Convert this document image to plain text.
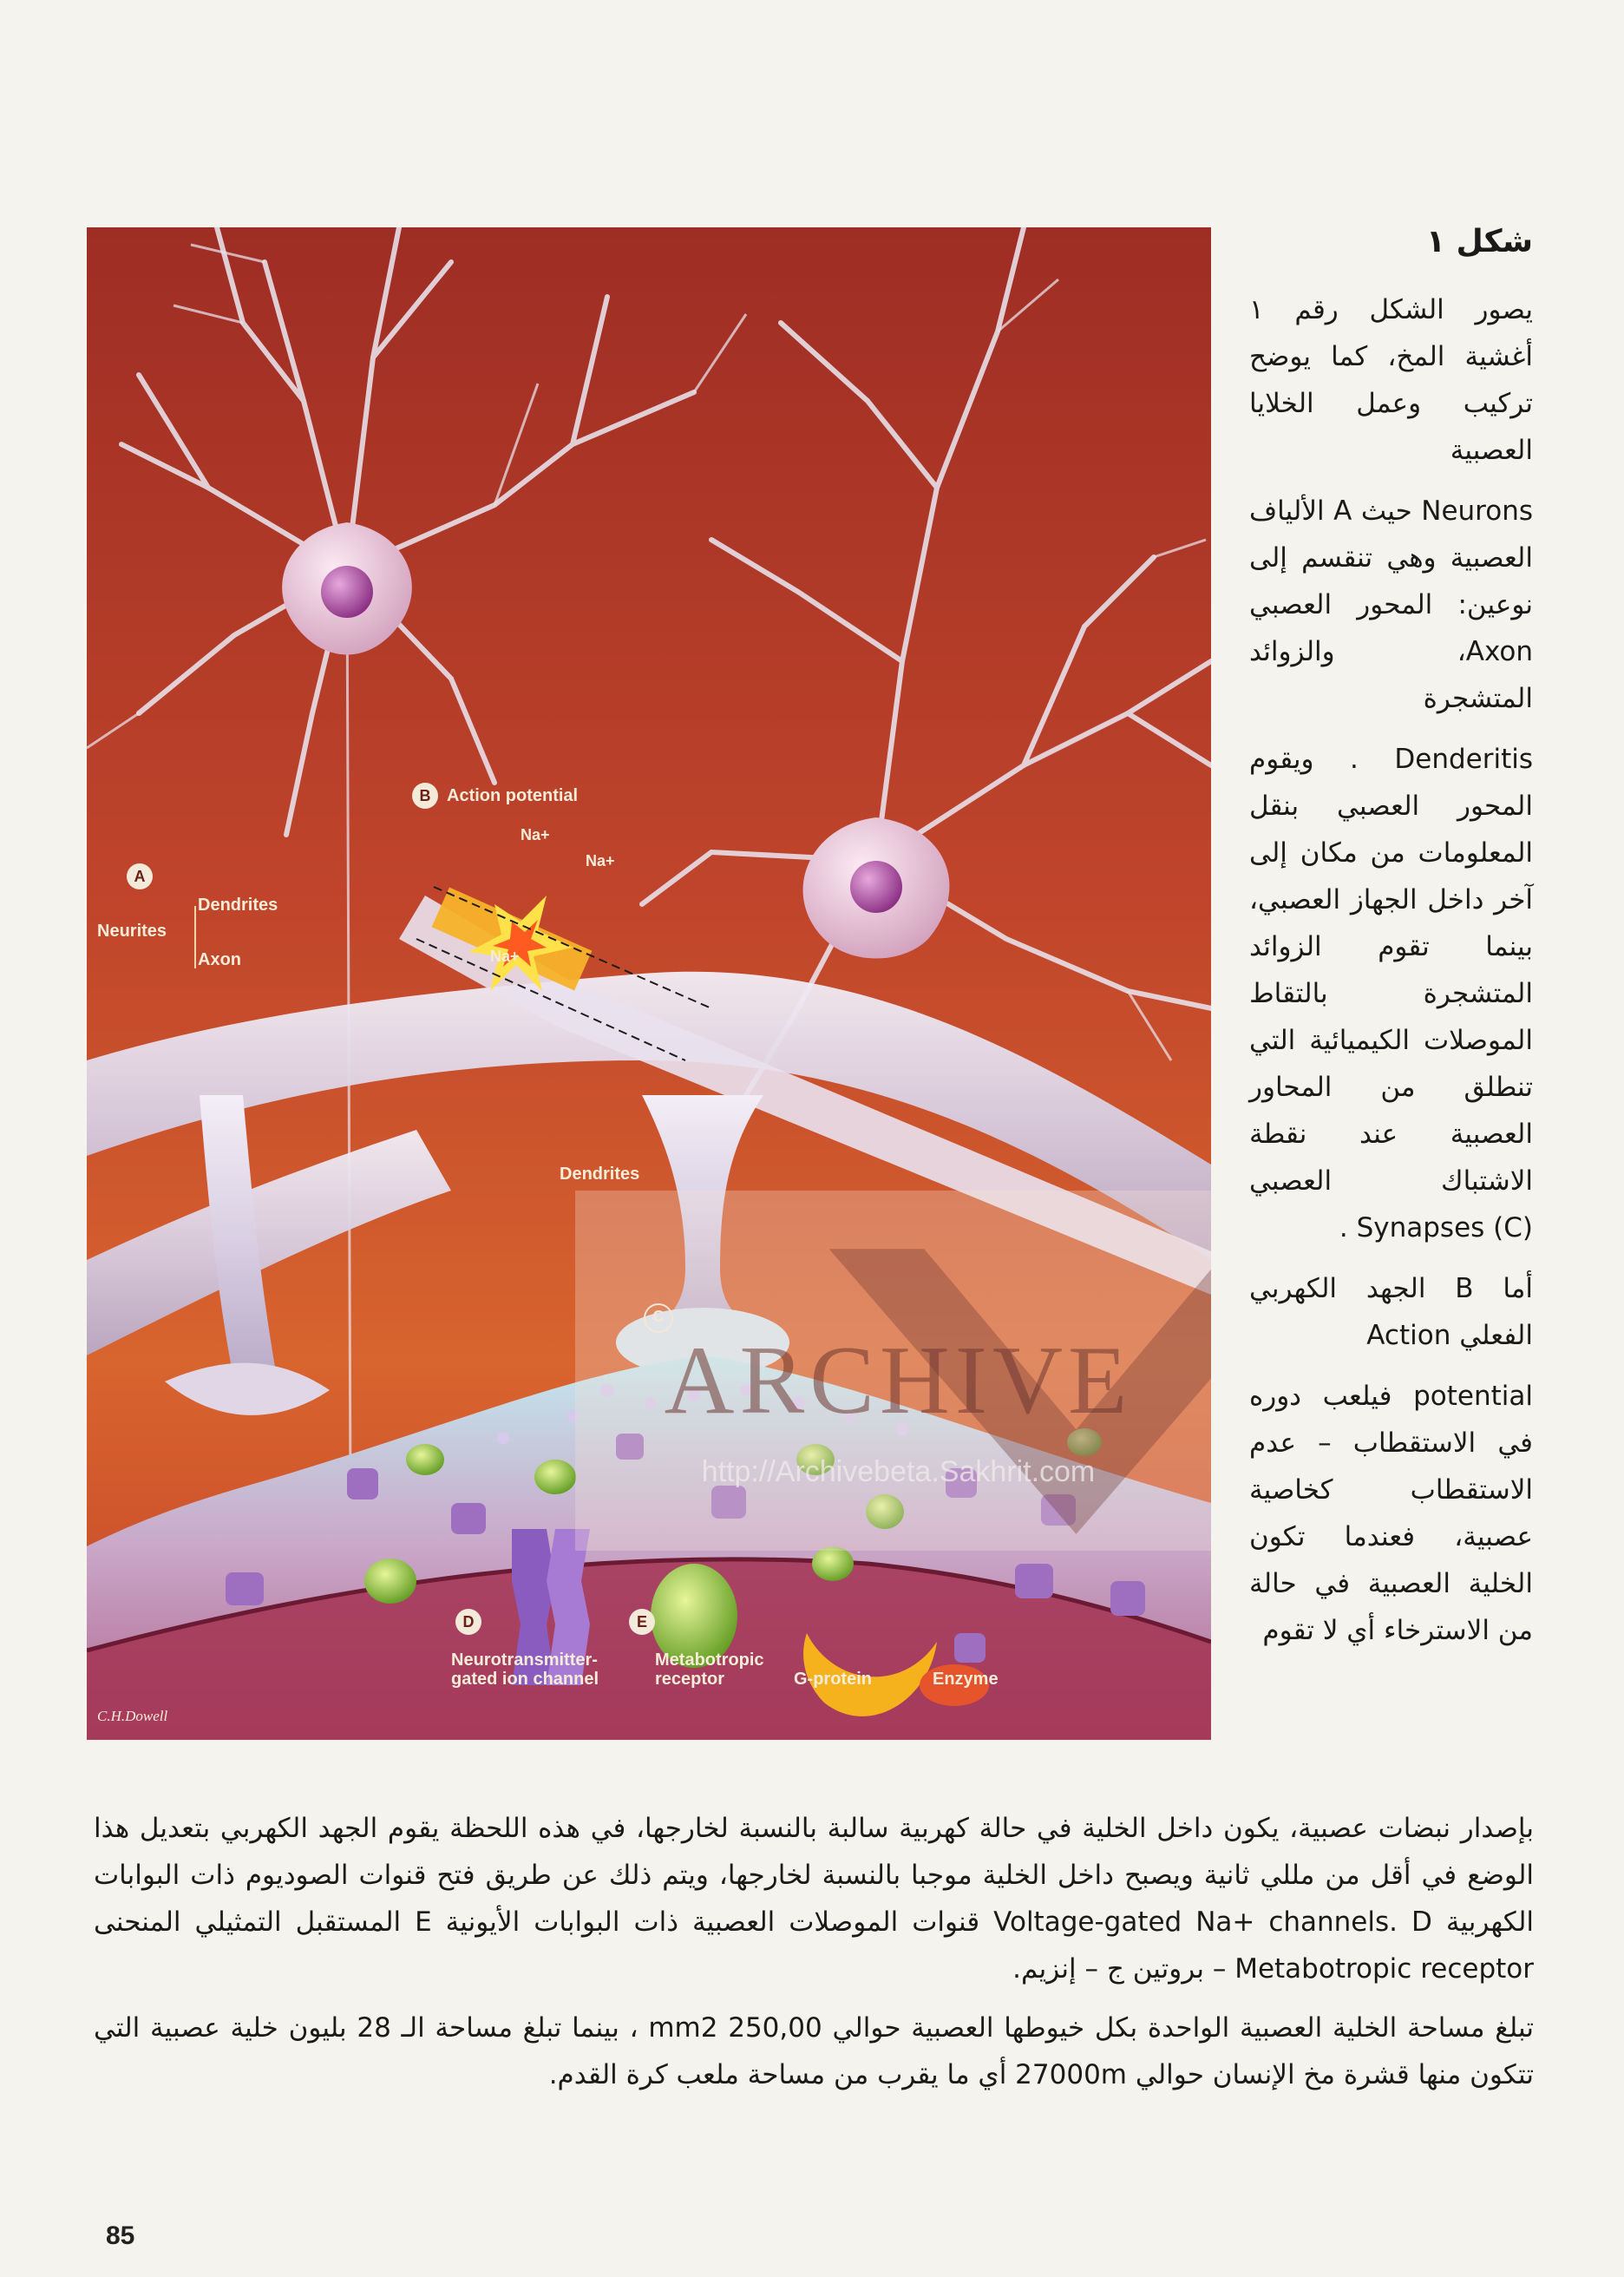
B Action potential
Na+
Na+
Na+
A
Neurites
Dendrites
Axon
Dendrites
C
D	E
Neurotransmitter-
gated ion channel
Metabotropic
receptor	G-protein	Enzyme
C.H.Dowell
ARCHIVE
http://Archivebeta.Sakhrit.com
شكل ١

يصور الشكل رقم ١ أغشية المخ، كما يوضح تركيب وعمل الخلايا العصبية

Neurons حيث A الألياف العصبية وهي تنقسم إلى نوعين: المحور العصبي Axon، والزوائد المتشجرة

Denderitis . ويقوم المحور العصبي بنقل المعلومات من مكان إلى آخر داخل الجهاز العصبي، بينما تقوم الزوائد المتشجرة بالتقاط الموصلات الكيميائية التي تنطلق من المحاور العصبية عند نقطة الاشتباك العصبي Synapses (C) .

أما B الجهد الكهربي الفعلي Action

potential فيلعب دوره في الاستقطاب – عدم الاستقطاب كخاصية عصبية، فعندما تكون الخلية العصبية في حالة من الاسترخاء أي لا تقوم

بإصدار نبضات عصبية، يكون داخل الخلية في حالة كهربية سالبة بالنسبة لخارجها، في هذه اللحظة يقوم الجهد الكهربي بتعديل هذا الوضع في أقل من مللي ثانية ويصبح داخل الخلية موجبا بالنسبة لخارجها، ويتم ذلك عن طريق فتح قنوات الصوديوم ذات البوابات الكهربية Voltage-gated Na+ channels. D قنوات الموصلات العصبية ذات البوابات الأيونية E المستقبل التمثيلي المنحنى Metabotropic receptor – بروتين ج – إنزيم.

تبلغ مساحة الخلية العصبية الواحدة بكل خيوطها العصبية حوالي 250,00 mm2 ، بينما تبلغ مساحة الـ 28 بليون خلية عصبية التي تتكون منها قشرة مخ الإنسان حوالي 27000m أي ما يقرب من مساحة ملعب كرة القدم.

85
